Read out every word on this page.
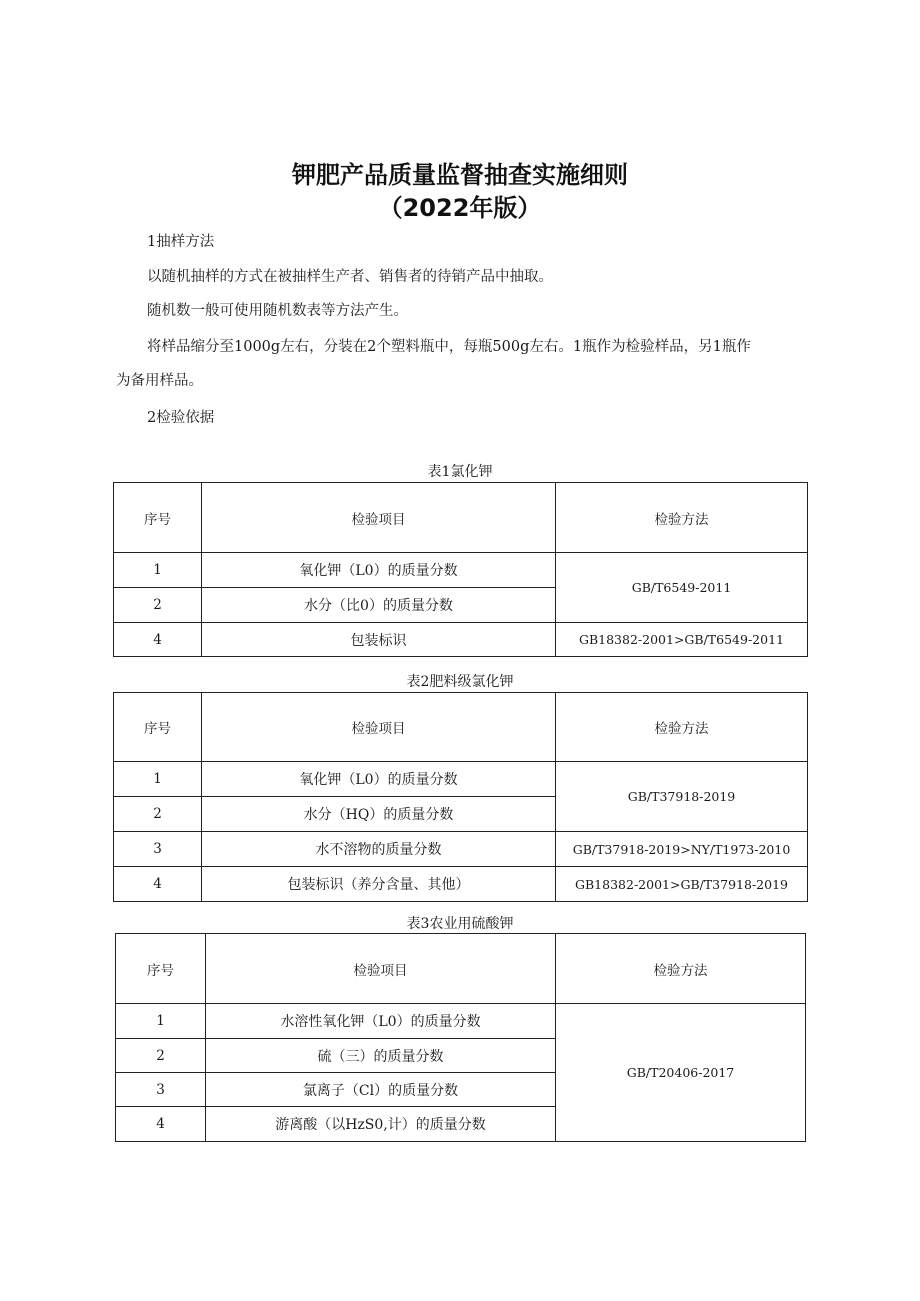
钾肥产品质量监督抽查实施细则
（2022年版）
1抽样方法
以随机抽样的方式在被抽样生产者、销售者的待销产品中抽取。
随机数一般可使用随机数表等方法产生。
将样品缩分至1000g左右，分装在2个塑料瓶中，每瓶500g左右。1瓶作为检验样品，另1瓶作
为备用样品。
2检验依据
表1氯化钾
序号	检验项目	检验方法
1	氧化钾（L0）的质量分数	GB/T6549-2011
2	水分（比0）的质量分数	
4	包装标识	GB18382-2001>GB/T6549-2011
表2肥料级氯化钾
序号	检验项目	检验方法
1	氧化钾（L0）的质量分数	GB/T37918-2019
2	水分（HQ）的质量分数	
3	水不溶物的质量分数	GB/T37918-2019>NY/T1973-2010
4	包装标识（养分含量、其他）	GB18382-2001>GB/T37918-2019
表3农业用硫酸钾
序号	检验项目	检验方法
1	水溶性氧化钾（L0）的质量分数	GB/T20406-2017
2	硫（三）的质量分数	
3	氯离子（Cl）的质量分数	
4	游离酸（以HzS0,计）的质量分数	
